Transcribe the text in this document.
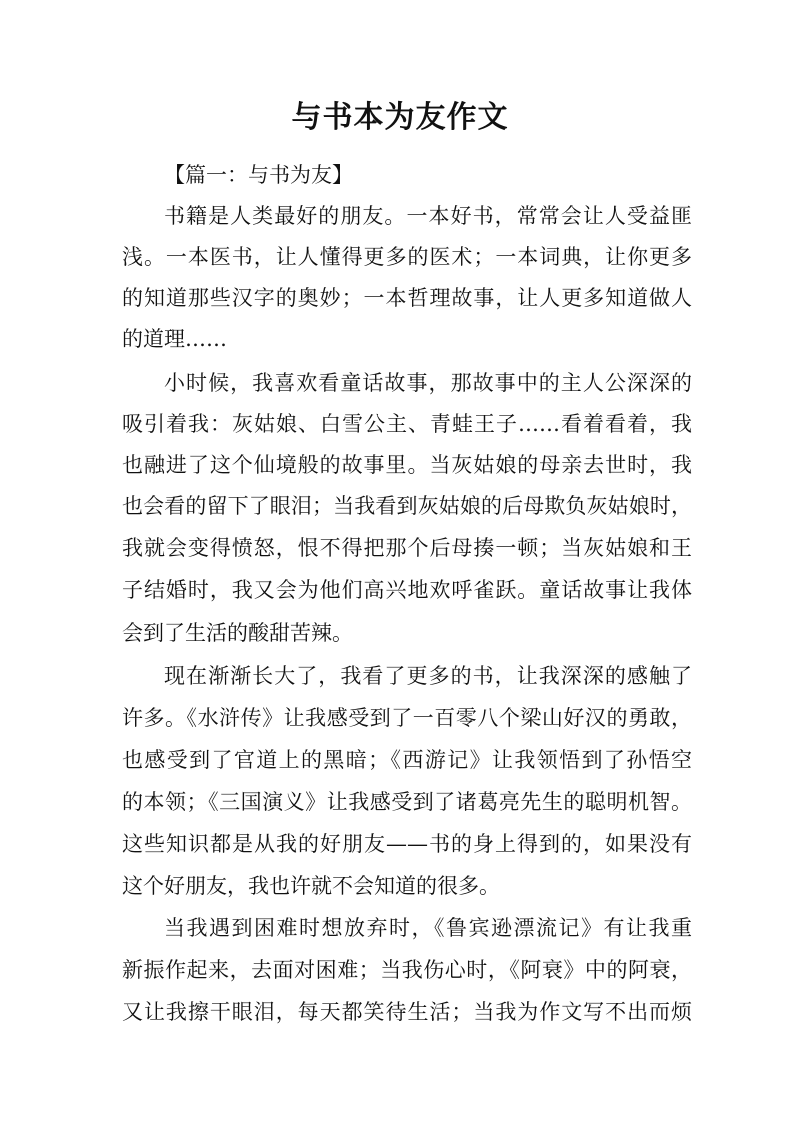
与书本为友作文
【篇一：与书为友】
书籍是人类最好的朋友。一本好书，常常会让人受益匪
浅。一本医书，让人懂得更多的医术；一本词典，让你更多
的知道那些汉字的奥妙；一本哲理故事，让人更多知道做人
的道理……
小时候，我喜欢看童话故事，那故事中的主人公深深的
吸引着我：灰姑娘、白雪公主、青蛙王子……看着看着，我
也融进了这个仙境般的故事里。当灰姑娘的母亲去世时，我
也会看的留下了眼泪；当我看到灰姑娘的后母欺负灰姑娘时，
我就会变得愤怒，恨不得把那个后母揍一顿；当灰姑娘和王
子结婚时，我又会为他们高兴地欢呼雀跃。童话故事让我体
会到了生活的酸甜苦辣。
现在渐渐长大了，我看了更多的书，让我深深的感触了
许多。《水浒传》让我感受到了一百零八个梁山好汉的勇敢，
也感受到了官道上的黑暗；《西游记》让我领悟到了孙悟空
的本领；《三国演义》让我感受到了诸葛亮先生的聪明机智。
这些知识都是从我的好朋友——书的身上得到的，如果没有
这个好朋友，我也许就不会知道的很多。
当我遇到困难时想放弃时，《鲁宾逊漂流记》有让我重
新振作起来，去面对困难；当我伤心时，《阿衰》中的阿衰，
又让我擦干眼泪，每天都笑待生活；当我为作文写不出而烦
